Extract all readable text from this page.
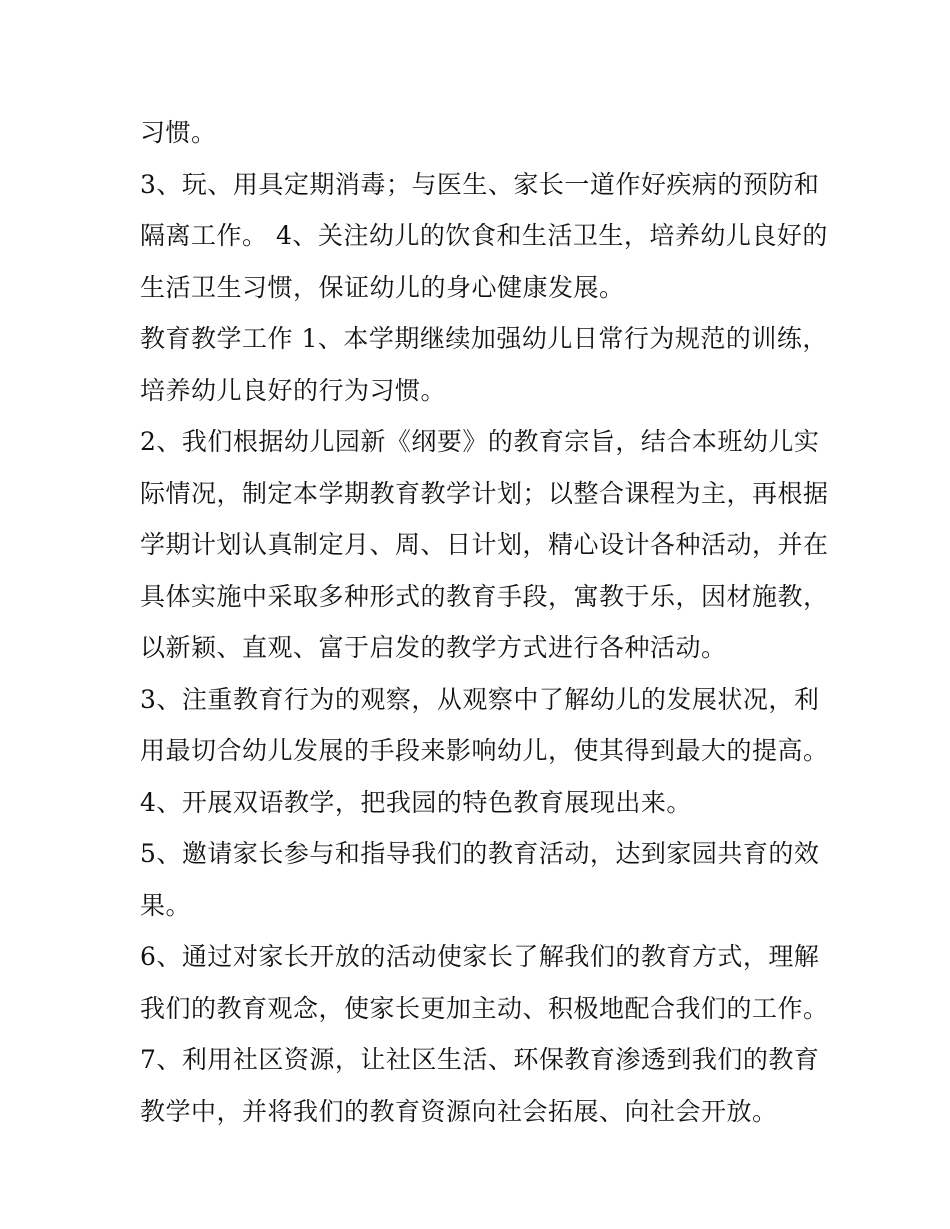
习惯。
3、玩、用具定期消毒；与医生、家长一道作好疾病的预防和
隔离工作。 4、关注幼儿的饮食和生活卫生，培养幼儿良好的
生活卫生习惯，保证幼儿的身心健康发展。
教育教学工作 1、本学期继续加强幼儿日常行为规范的训练，
培养幼儿良好的行为习惯。
2、我们根据幼儿园新《纲要》的教育宗旨，结合本班幼儿实
际情况，制定本学期教育教学计划；以整合课程为主，再根据
学期计划认真制定月、周、日计划，精心设计各种活动，并在
具体实施中采取多种形式的教育手段，寓教于乐，因材施教，
以新颖、直观、富于启发的教学方式进行各种活动。
3、注重教育行为的观察，从观察中了解幼儿的发展状况，利
用最切合幼儿发展的手段来影响幼儿，使其得到最大的提高。
4、开展双语教学，把我园的特色教育展现出来。
5、邀请家长参与和指导我们的教育活动，达到家园共育的效
果。
6、通过对家长开放的活动使家长了解我们的教育方式，理解
我们的教育观念，使家长更加主动、积极地配合我们的工作。
7、利用社区资源，让社区生活、环保教育渗透到我们的教育
教学中，并将我们的教育资源向社会拓展、向社会开放。
